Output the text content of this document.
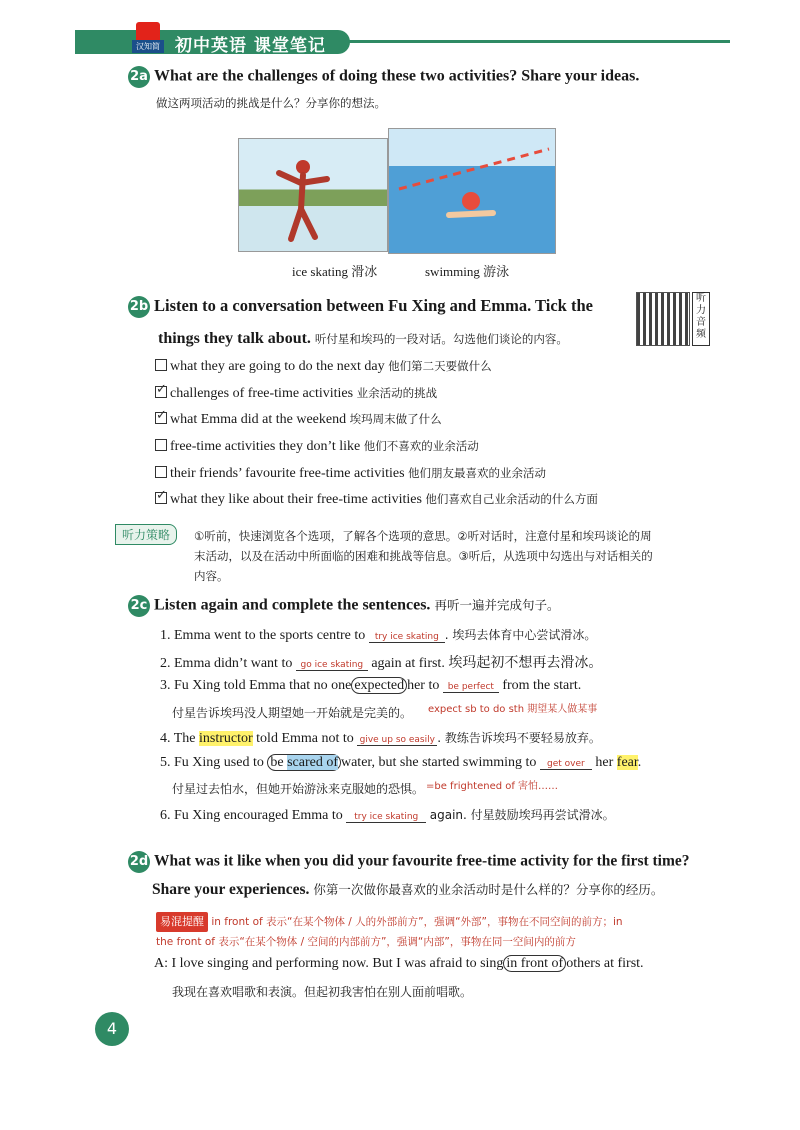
汉知简 初中英语 课堂笔记
2a What are the challenges of doing these two activities? Share your ideas.
做这两项活动的挑战是什么？分享你的想法。
ice skating 滑冰	swimming 游泳
2b Listen to a conversation between Fu Xing and Emma. Tick the
things they talk about. 听付星和埃玛的一段对话。勾选他们谈论的内容。
听力音频
what they are going to do the next day 他们第二天要做什么
✓ challenges of free-time activities 业余活动的挑战
✓ what Emma did at the weekend 埃玛周末做了什么
free-time activities they don’t like 他们不喜欢的业余活动
their friends’ favourite free-time activities 他们朋友最喜欢的业余活动
✓ what they like about their free-time activities 他们喜欢自己业余活动的什么方面
听力策略	①听前，快速浏览各个选项，了解各个选项的意思。②听对话时，注意付星和埃玛谈论的周
末活动，以及在活动中所面临的困难和挑战等信息。③听后，从选项中勾选出与对话相关的
内容。
2c Listen again and complete the sentences. 再听一遍并完成句子。
1. Emma went to the sports centre to try ice skating . 埃玛去体育中心尝试滑冰。
2. Emma didn’t want to go ice skating again at first. 埃玛起初不想再去滑冰。
3. Fu Xing told Emma that no one expected her to be perfect from the start.
付星告诉埃玛没人期望她一开始就是完美的。 expect sb to do sth 期望某人做某事
4. The instructor told Emma not to give up so easily . 教练告诉埃玛不要轻易放弃。
5. Fu Xing used to be scared of water, but she started swimming to get over her fear.
付星过去怕水，但她开始游泳来克服她的恐惧。 =be frightened of 害怕……
6. Fu Xing encouraged Emma to try ice skating again. 付星鼓励埃玛再尝试滑冰。
2d What was it like when you did your favourite free-time activity for the first time?
Share your experiences. 你第一次做你最喜欢的业余活动时是什么样的？分享你的经历。
易混提醒 in front of 表示“在某个物体 / 人的外部前方”，强调“外部”，事物在不同空间的前方；in
the front of 表示“在某个物体 / 空间的内部前方”，强调“内部”，事物在同一空间内的前方
A: I love singing and performing now. But I was afraid to sing in front of others at first.
我现在喜欢唱歌和表演。但起初我害怕在别人面前唱歌。
4
